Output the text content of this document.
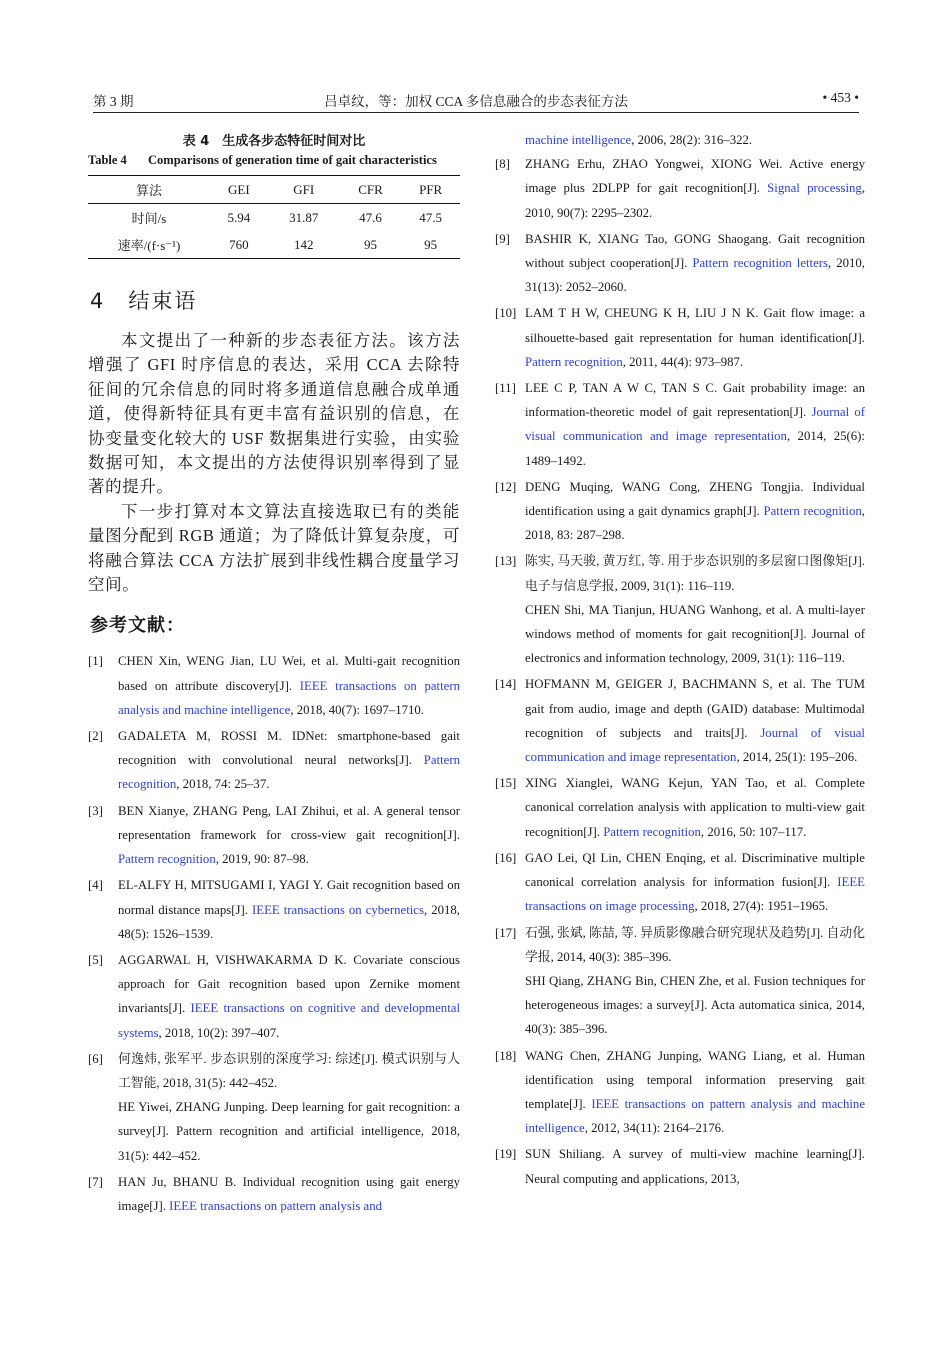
第 3 期	吕卓纹，等：加权 CCA 多信息融合的步态表征方法	• 453 •
表 4　生成各步态特征时间对比
Table 4	Comparisons of generation time of gait characteristics
算法	GEI	GFI	CFR	PFR
时间/s	5.94	31.87	47.6	47.5
速率/(f·s⁻¹)	760	142	95	95
4　结束语

本文提出了一种新的步态表征方法。该方法增强了 GFI 时序信息的表达，采用 CCA 去除特征间的冗余信息的同时将多通道信息融合成单通道，使得新特征具有更丰富有益识别的信息，在协变量变化较大的 USF 数据集进行实验，由实验数据可知，本文提出的方法使得识别率得到了显著的提升。

下一步打算对本文算法直接选取已有的类能量图分配到 RGB 通道；为了降低计算复杂度，可将融合算法 CCA 方法扩展到非线性耦合度量学习空间。

参考文献：
[1] CHEN Xin, WENG Jian, LU Wei, et al. Multi-gait recognition based on attribute discovery[J]. IEEE transactions on pattern analysis and machine intelligence, 2018, 40(7): 1697–1710.
[2] GADALETA M, ROSSI M. IDNet: smartphone-based gait recognition with convolutional neural networks[J]. Pattern recognition, 2018, 74: 25–37.
[3] BEN Xianye, ZHANG Peng, LAI Zhihui, et al. A general tensor representation framework for cross-view gait recognition[J]. Pattern recognition, 2019, 90: 87–98.
[4] EL-ALFY H, MITSUGAMI I, YAGI Y. Gait recognition based on normal distance maps[J]. IEEE transactions on cybernetics, 2018, 48(5): 1526–1539.
[5] AGGARWAL H, VISHWAKARMA D K. Covariate conscious approach for Gait recognition based upon Zernike moment invariants[J]. IEEE transactions on cognitive and developmental systems, 2018, 10(2): 397–407.
[6] 何逸炜, 张军平. 步态识别的深度学习: 综述[J]. 模式识别与人工智能, 2018, 31(5): 442–452.
HE Yiwei, ZHANG Junping. Deep learning for gait recognition: a survey[J]. Pattern recognition and artificial intelligence, 2018, 31(5): 442–452.
[7] HAN Ju, BHANU B. Individual recognition using gait energy image[J]. IEEE transactions on pattern analysis and
machine intelligence, 2006, 28(2): 316–322.
[8] ZHANG Erhu, ZHAO Yongwei, XIONG Wei. Active energy image plus 2DLPP for gait recognition[J]. Signal processing, 2010, 90(7): 2295–2302.
[9] BASHIR K, XIANG Tao, GONG Shaogang. Gait recognition without subject cooperation[J]. Pattern recognition letters, 2010, 31(13): 2052–2060.
[10] LAM T H W, CHEUNG K H, LIU J N K. Gait flow image: a silhouette-based gait representation for human identification[J]. Pattern recognition, 2011, 44(4): 973–987.
[11] LEE C P, TAN A W C, TAN S C. Gait probability image: an information-theoretic model of gait representation[J]. Journal of visual communication and image representation, 2014, 25(6): 1489–1492.
[12] DENG Muqing, WANG Cong, ZHENG Tongjia. Individual identification using a gait dynamics graph[J]. Pattern recognition, 2018, 83: 287–298.
[13] 陈实, 马天骏, 黄万红, 等. 用于步态识别的多层窗口图像矩[J]. 电子与信息学报, 2009, 31(1): 116–119.
CHEN Shi, MA Tianjun, HUANG Wanhong, et al. A multi-layer windows method of moments for gait recognition[J]. Journal of electronics and information technology, 2009, 31(1): 116–119.
[14] HOFMANN M, GEIGER J, BACHMANN S, et al. The TUM gait from audio, image and depth (GAID) database: Multimodal recognition of subjects and traits[J]. Journal of visual communication and image representation, 2014, 25(1): 195–206.
[15] XING Xianglei, WANG Kejun, YAN Tao, et al. Complete canonical correlation analysis with application to multi-view gait recognition[J]. Pattern recognition, 2016, 50: 107–117.
[16] GAO Lei, QI Lin, CHEN Enqing, et al. Discriminative multiple canonical correlation analysis for information fusion[J]. IEEE transactions on image processing, 2018, 27(4): 1951–1965.
[17] 石强, 张斌, 陈喆, 等. 异质影像融合研究现状及趋势[J]. 自动化学报, 2014, 40(3): 385–396.
SHI Qiang, ZHANG Bin, CHEN Zhe, et al. Fusion techniques for heterogeneous images: a survey[J]. Acta automatica sinica, 2014, 40(3): 385–396.
[18] WANG Chen, ZHANG Junping, WANG Liang, et al. Human identification using temporal information preserving gait template[J]. IEEE transactions on pattern analysis and machine intelligence, 2012, 34(11): 2164–2176.
[19] SUN Shiliang. A survey of multi-view machine learning[J]. Neural computing and applications, 2013,
